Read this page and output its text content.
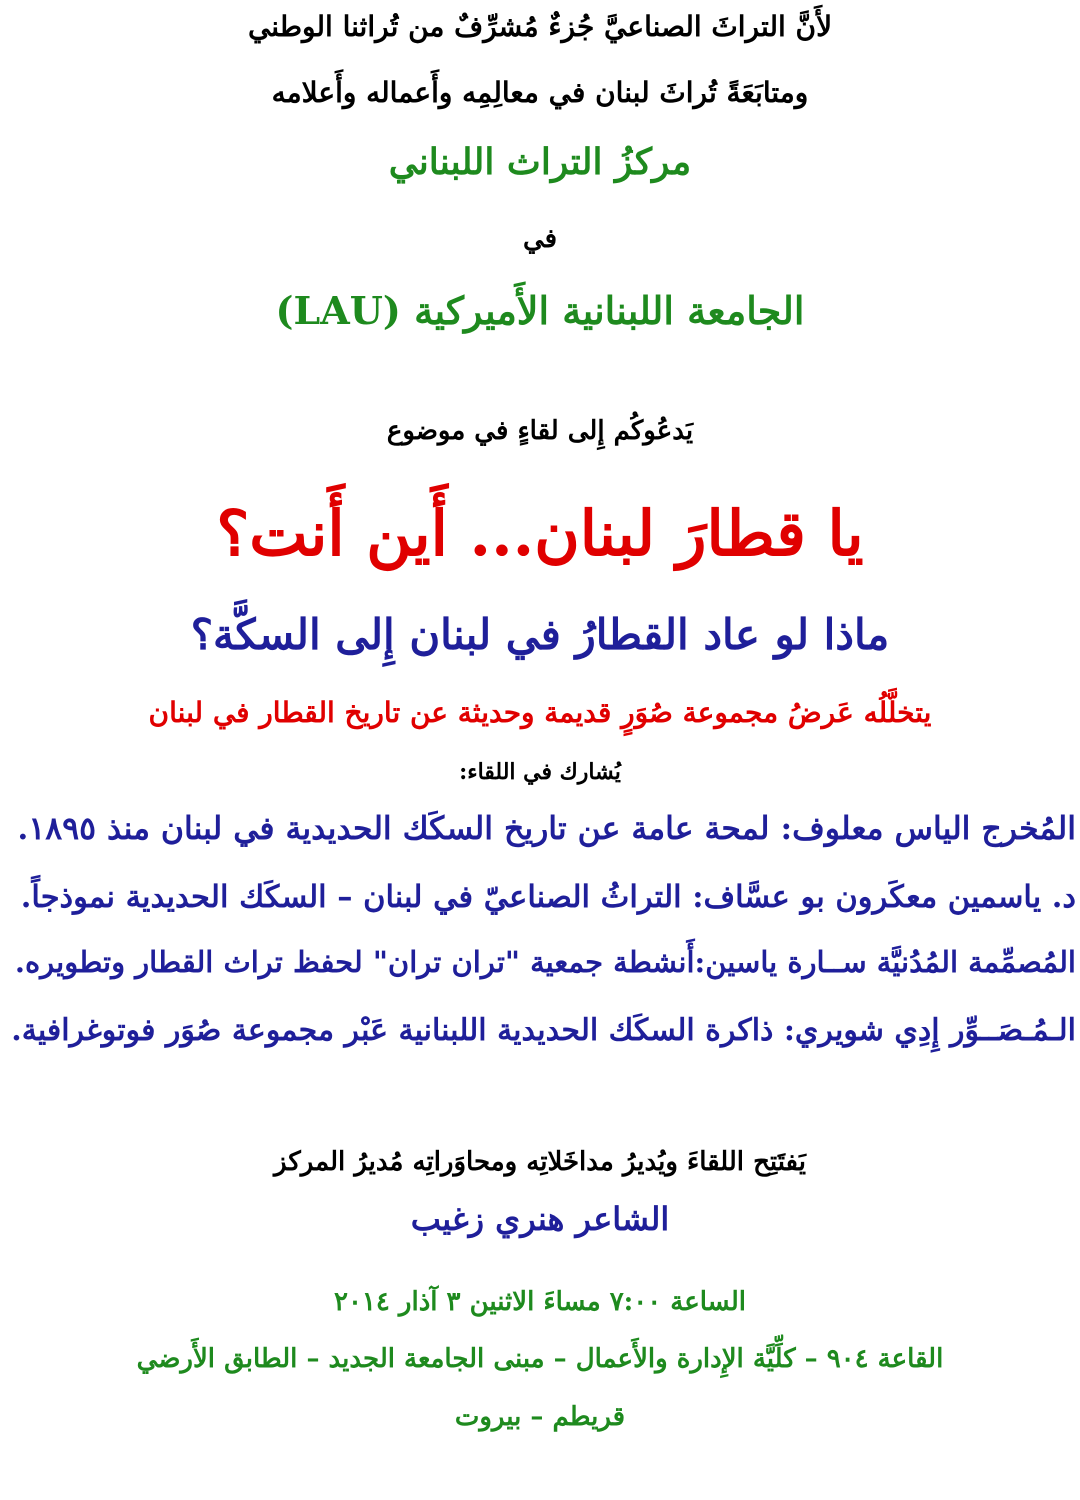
لأَنَّ التراثَ الصناعيَّ جُزءٌ مُشرِّفٌ من تُراثنا الوطني

ومتابَعَةً تُراثَ لبنان في معالِمِه وأَعماله وأَعلامه

مركزُ التراث اللبناني

في

الجامعة اللبنانية الأَميركية (LAU)

يَدعُوكُم إِلى لقاءٍ في موضوع

يا قطارَ لبنان... أَين أَنت؟

ماذا لو عاد القطارُ في لبنان إِلى السكَّة؟

يتخلَّلُه عَرضُ مجموعة صُوَرٍ قديمة وحديثة عن تاريخ القطار في لبنان

يُشارك في اللقاء:

المُخرج الياس معلوف: لمحة عامة عن تاريخ السكَك الحديدية في لبنان منذ ١٨٩٥.

د. ياسمين معكَرون بو عسَّاف: التراثُ الصناعيّ في لبنان – السكَك الحديدية نموذجاً.

المُصمِّمة المُدُنيَّة ســارة ياسين:أَنشطة جمعية "تران تران" لحفظ تراث القطار وتطويره.

الـمُـصَــوِّر إِدِي شويري: ذاكرة السكَك الحديدية اللبنانية عَبْر مجموعة صُوَر فوتوغرافية.

يَفتَتِح اللقاءَ ويُديرُ مداخَلاتِه ومحاوَراتِه مُديرُ المركز

الشاعر هنري زغيب

الساعة ٧:٠٠ مساءَ الاثنين ٣ آذار ٢٠١٤

القاعة ٩٠٤ – كلِّيَّة الإِدارة والأَعمال – مبنى الجامعة الجديد – الطابق الأَرضي

قريطم – بيروت
